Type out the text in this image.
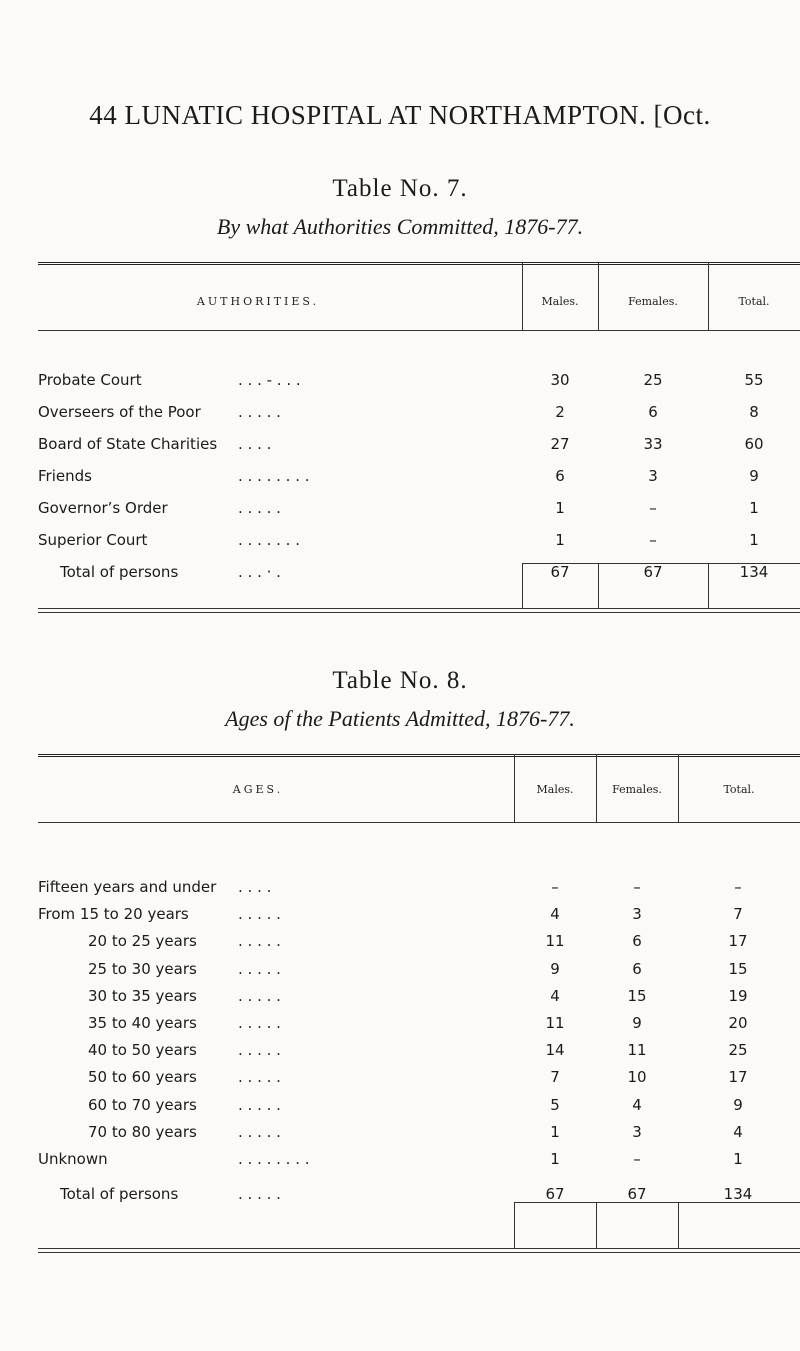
44 LUNATIC HOSPITAL AT NORTHAMPTON. [Oct.
Table No. 7.
By what Authorities Committed, 1876-77.
AUTHORITIES.	Males.	Females.	Total.
Probate Court	. . . - . . .	30	25	55
Overseers of the Poor . . . . .	2	6	8
Board of State Charities . . . .	27	33	60
Friends	. . . . . . . .	6	3	9
Governor’s Order	. . . . .	1	–	1
Superior Court	. . . . . . .	1	–	1
Total of persons	. . . · .	67	67	134
Table No. 8.
Ages of the Patients Admitted, 1876-77.
AGES.	Males.	Females.	Total.
Fifteen years and under . . . .	–	–	–
From 15 to 20 years	. . . . .	4	3	7
20 to 25 years	. . . . .	11	6	17
25 to 30 years	. . . . .	9	6	15
30 to 35 years	. . . . .	4	15	19
35 to 40 years	. . . . .	11	9	20
40 to 50 years	. . . . .	14	11	25
50 to 60 years	. . . . .	7	10	17
60 to 70 years	. . . . .	5	4	9
70 to 80 years	. . . . .	1	3	4
Unknown	. . . . . . . .	1	–	1
Total of persons	. . . . .	67	67	134
